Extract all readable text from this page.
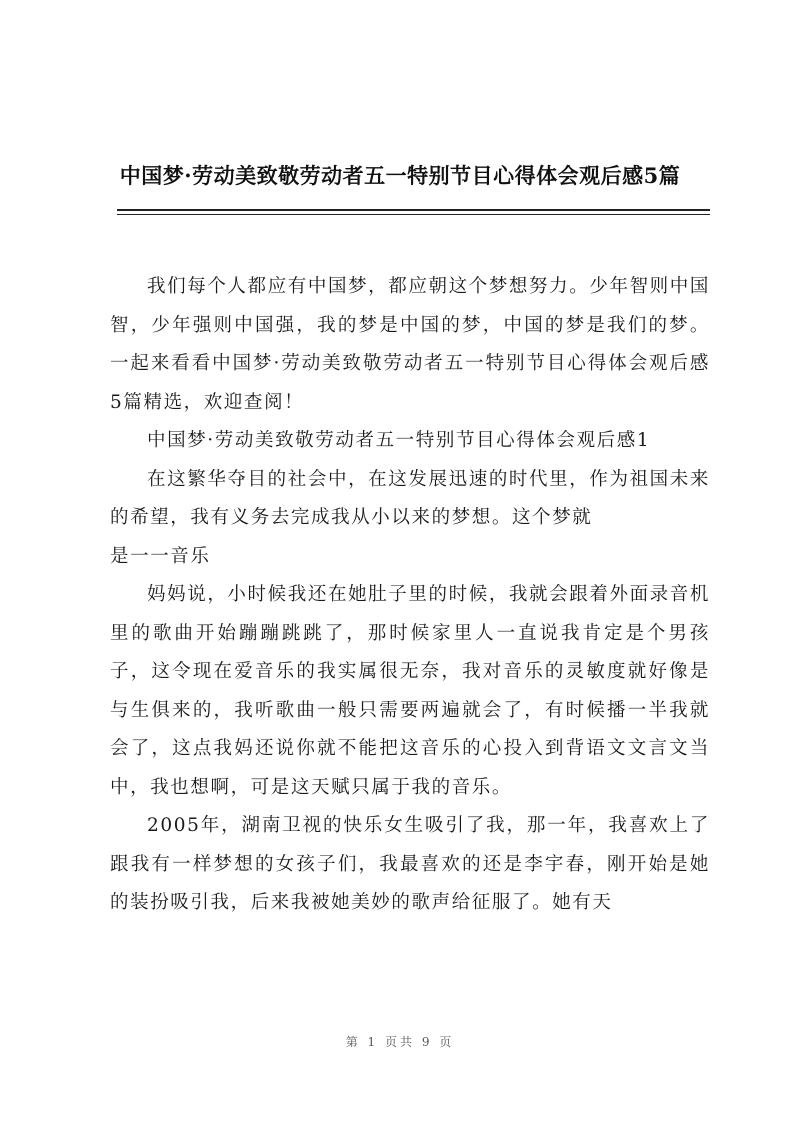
中国梦·劳动美致敬劳动者五一特别节目心得体会观后感5篇

我们每个人都应有中国梦，都应朝这个梦想努力。少年智则中国智，少年强则中国强，我的梦是中国的梦，中国的梦是我们的梦。一起来看看中国梦·劳动美致敬劳动者五一特别节目心得体会观后感5篇精选，欢迎查阅！

中国梦·劳动美致敬劳动者五一特别节目心得体会观后感1

在这繁华夺目的社会中，在这发展迅速的时代里，作为祖国未来的希望，我有义务去完成我从小以来的梦想。这个梦就

是一一音乐

妈妈说，小时候我还在她肚子里的时候，我就会跟着外面录音机里的歌曲开始蹦蹦跳跳了，那时候家里人一直说我肯定是个男孩子，这令现在爱音乐的我实属很无奈，我对音乐的灵敏度就好像是与生俱来的，我听歌曲一般只需要两遍就会了，有时候播一半我就会了，这点我妈还说你就不能把这音乐的心投入到背语文文言文当中，我也想啊，可是这天赋只属于我的音乐。

2005年，湖南卫视的快乐女生吸引了我，那一年，我喜欢上了跟我有一样梦想的女孩子们，我最喜欢的还是李宇春，刚开始是她的装扮吸引我，后来我被她美妙的歌声给征服了。她有天

第 1 页共 9 页
